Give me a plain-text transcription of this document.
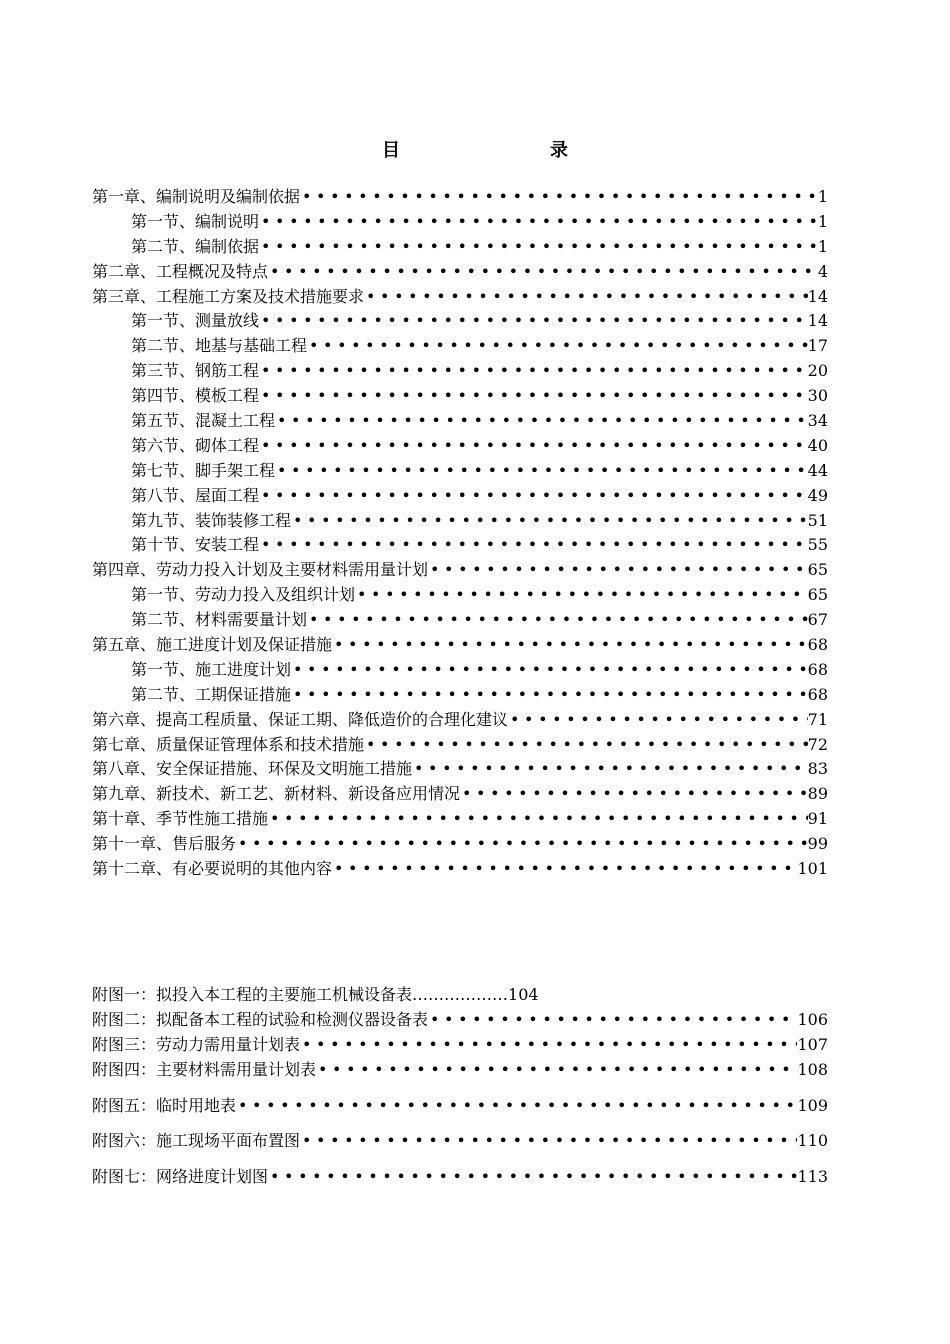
目　　录
第一章、编制说明及编制依据 •••••	1
第一节、编制说明 •••••	1
第二节、编制依据 •••••	1
第二章、工程概况及特点 •••••	4
第三章、工程施工方案及技术措施要求 •••••	14
第一节、测量放线 •••••	14
第二节、地基与基础工程 •••••	17
第三节、钢筋工程 •••••	20
第四节、模板工程 •••••	30
第五节、混凝土工程 •••••	34
第六节、砌体工程 •••••	40
第七节、脚手架工程 •••••	44
第八节、屋面工程 •••••	49
第九节、装饰装修工程 •••••	51
第十节、安装工程 •••••	55
第四章、劳动力投入计划及主要材料需用量计划 •••••	65
第一节、劳动力投入及组织计划 •••••	65
第二节、材料需要量计划 •••••	67
第五章、施工进度计划及保证措施 •••••	68
第一节、施工进度计划 •••••	68
第二节、工期保证措施 •••••	68
第六章、提高工程质量、保证工期、降低造价的合理化建议 •••••	71
第七章、质量保证管理体系和技术措施 •••••	72
第八章、安全保证措施、环保及文明施工措施 •••••	83
第九章、新技术、新工艺、新材料、新设备应用情况 •••••	89
第十章、季节性施工措施 •••••	91
第十一章、售后服务 •••••	99
第十二章、有必要说明的其他内容 •••••	101
附图一：拟投入本工程的主要施工机械设备表 ……………… 104
附图二：拟配备本工程的试验和检测仪器设备表 •••••	106
附图三：劳动力需用量计划表 •••••	107
附图四：主要材料需用量计划表 •••••	108
附图五：临时用地表 •••••	109
附图六：施工现场平面布置图 •••••	110
附图七：网络进度计划图 •••••	113
